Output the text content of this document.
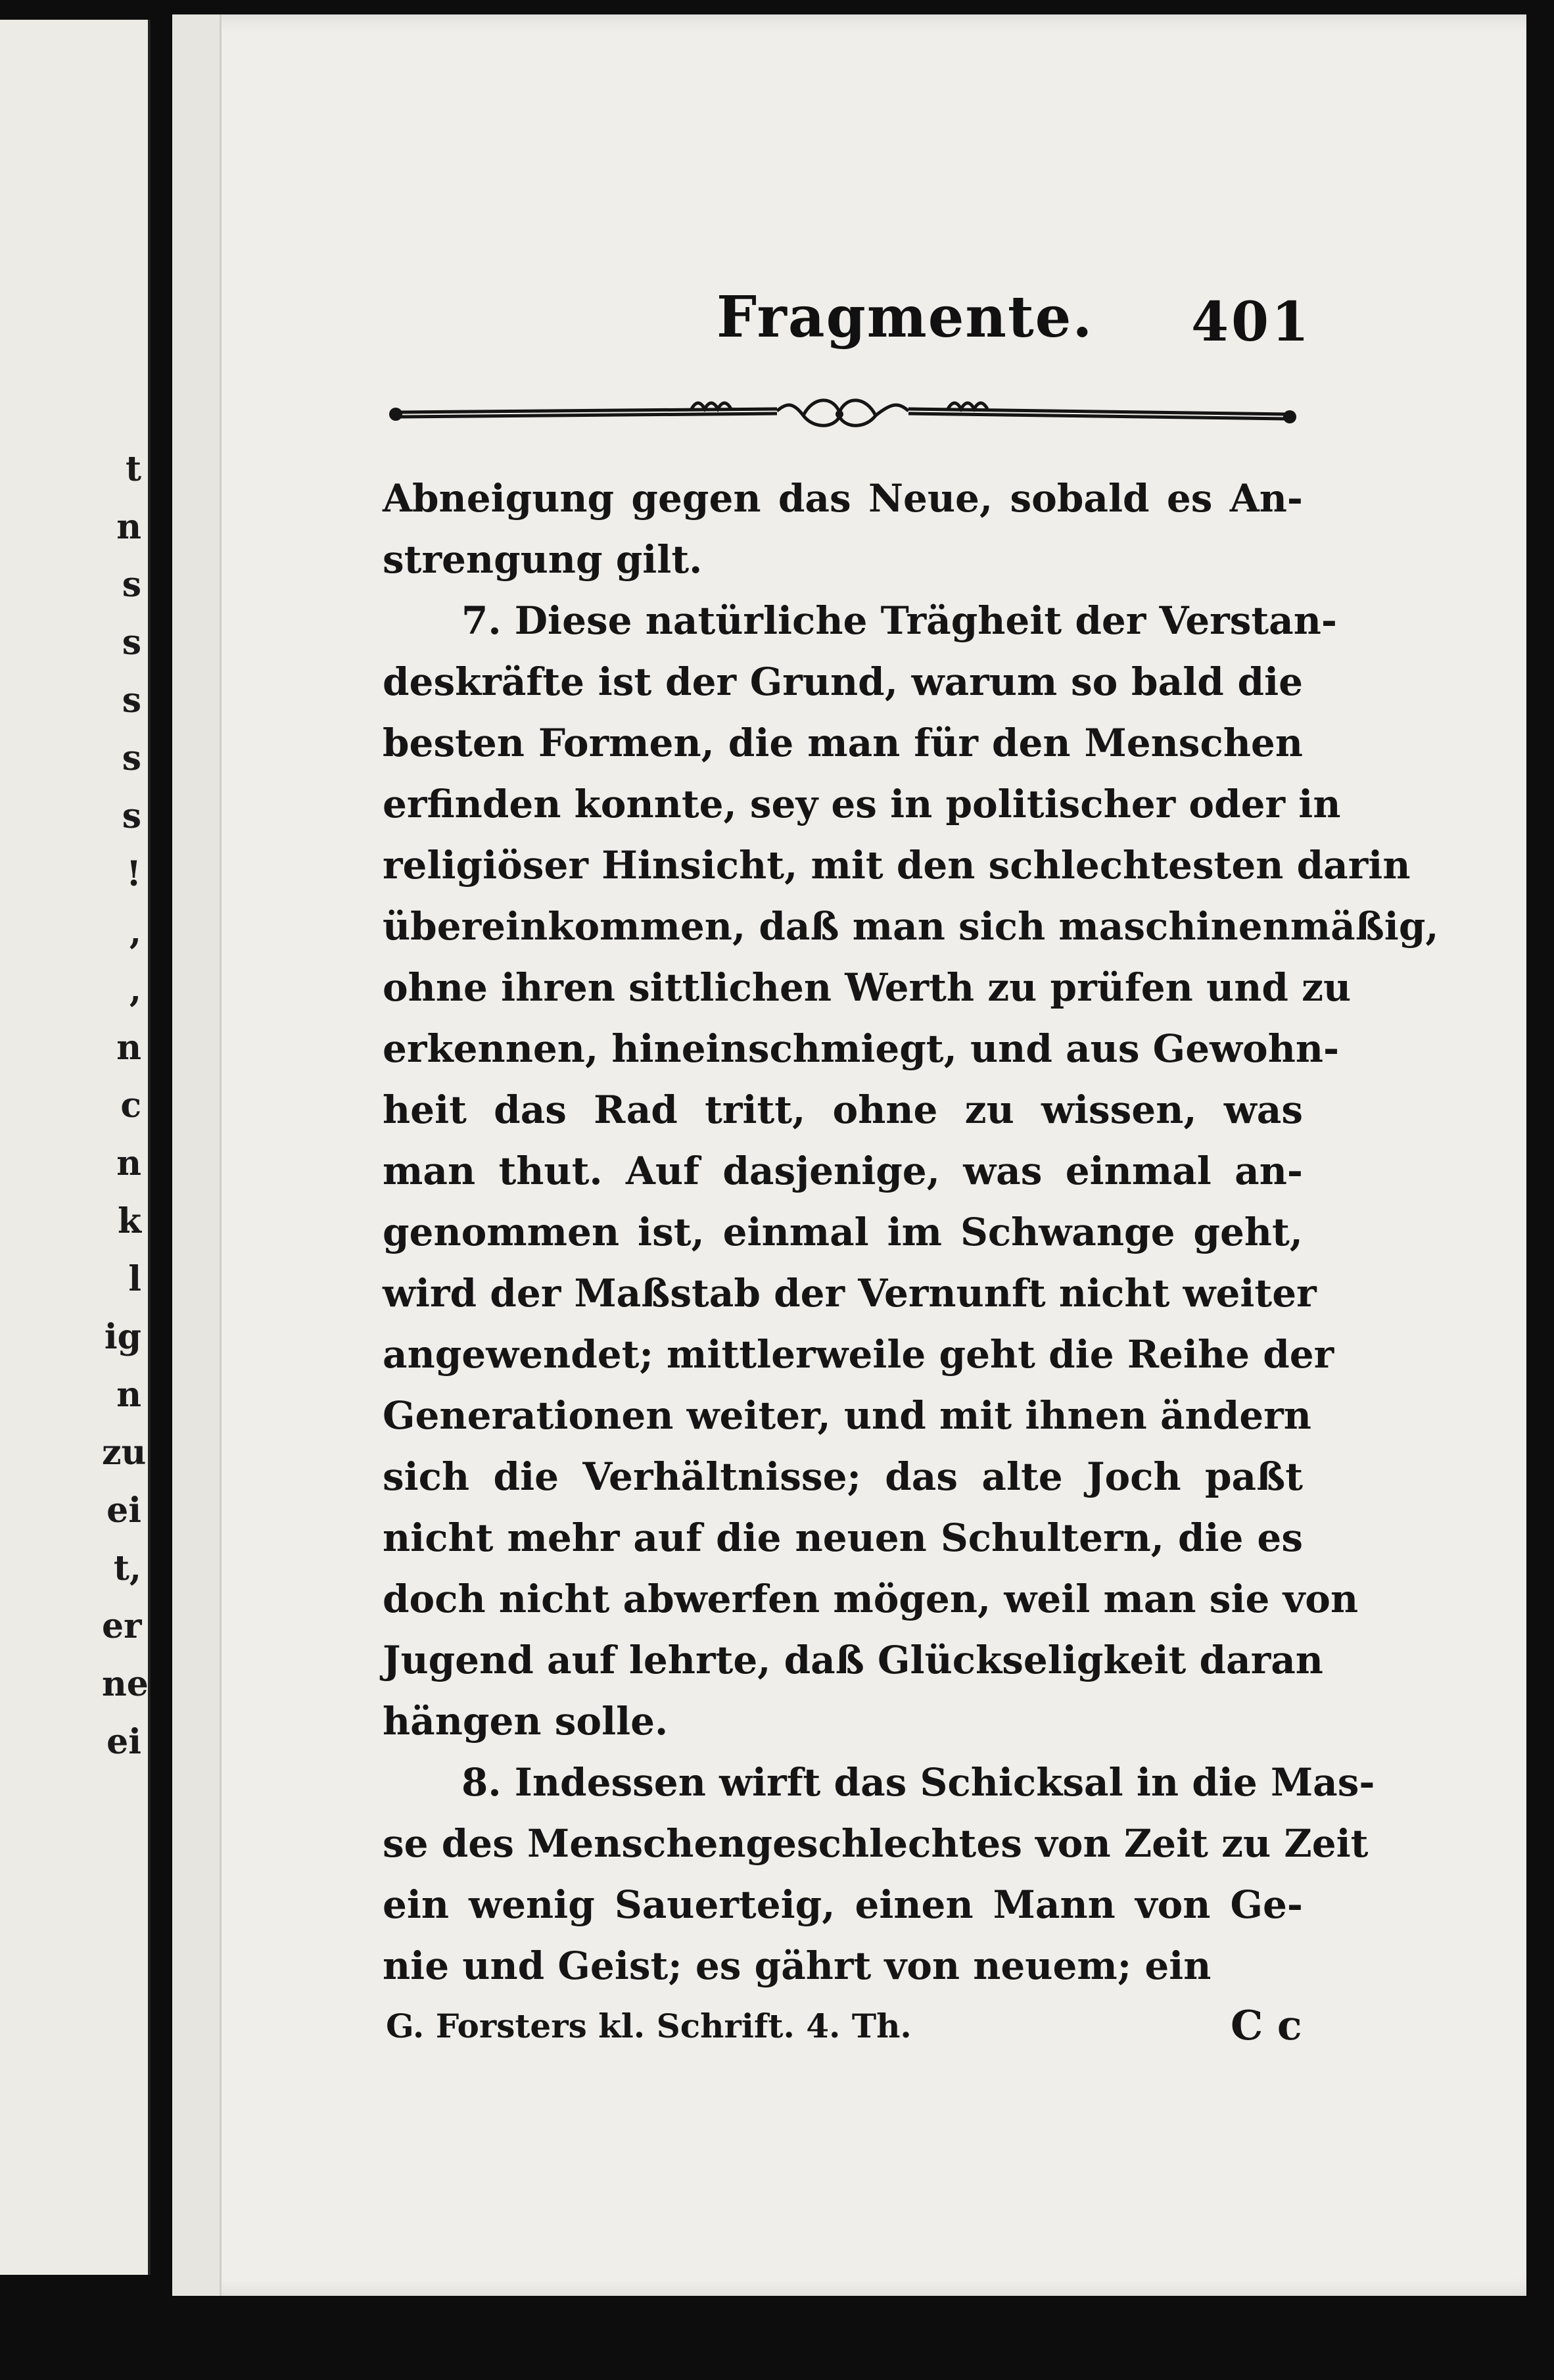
t
n
s
s
s
s
s
!
,
,
n
c
n
k
l
ig
n
zu
ei
t,
er
ne
ei
Fragmente. 401
Abneigung gegen das Neue, sobald es An-
strengung gilt.
7. Diese natürliche Trägheit der Verstan-
deskräfte ist der Grund, warum so bald die
besten Formen, die man für den Menschen
erfinden konnte, sey es in politischer oder in
religiöser Hinsicht, mit den schlechtesten darin
übereinkommen, daß man sich maschinenmäßig,
ohne ihren sittlichen Werth zu prüfen und zu
erkennen, hineinschmiegt, und aus Gewohn-
heit das Rad tritt, ohne zu wissen, was
man thut. Auf dasjenige, was einmal an-
genommen ist, einmal im Schwange geht,
wird der Maßstab der Vernunft nicht weiter
angewendet; mittlerweile geht die Reihe der
Generationen weiter, und mit ihnen ändern
sich die Verhältnisse; das alte Joch paßt
nicht mehr auf die neuen Schultern, die es
doch nicht abwerfen mögen, weil man sie von
Jugend auf lehrte, daß Glückseligkeit daran
hängen solle.
8. Indessen wirft das Schicksal in die Mas-
se des Menschengeschlechtes von Zeit zu Zeit
ein wenig Sauerteig, einen Mann von Ge-
nie und Geist; es gährt von neuem; ein
G. Forsters kl. Schrift. 4. Th.	C c
